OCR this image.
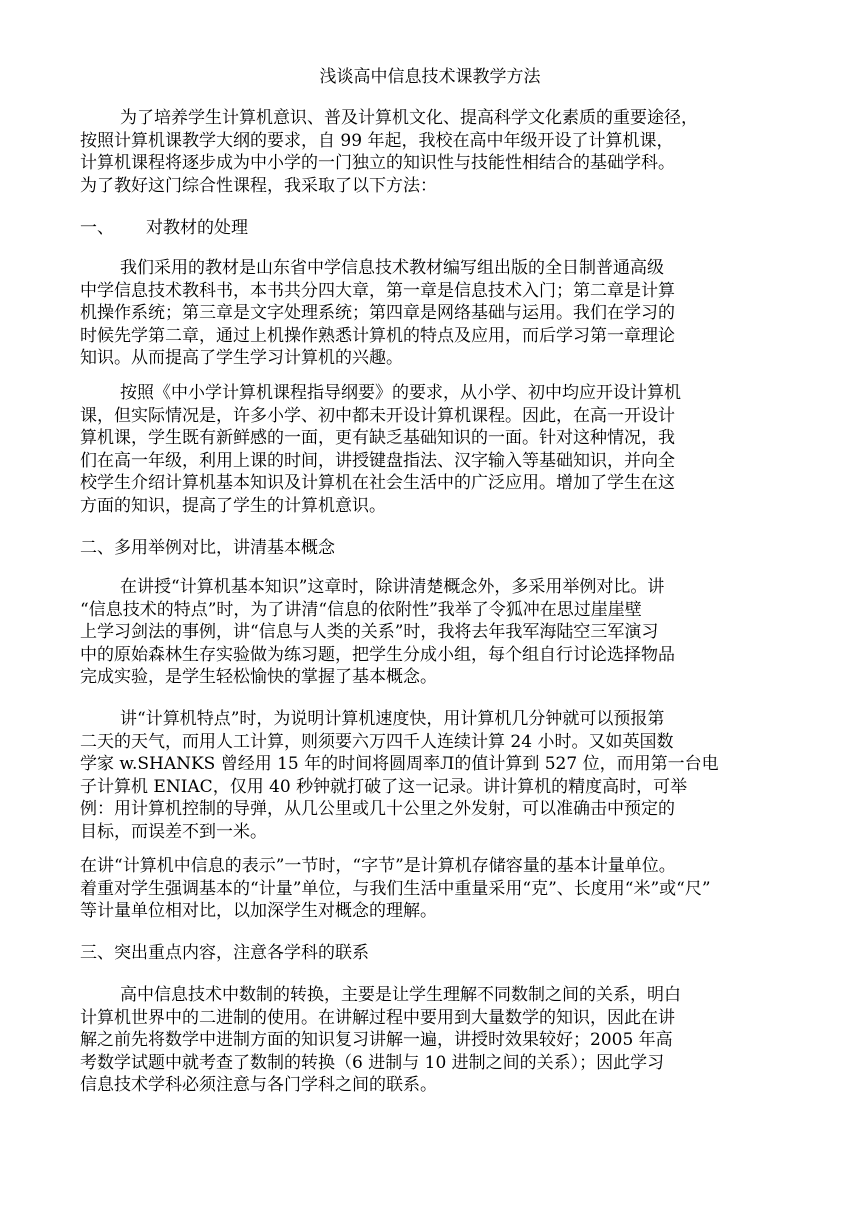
浅谈高中信息技术课教学方法
为了培养学生计算机意识、普及计算机文化、提高科学文化素质的重要途径，
按照计算机课教学大纲的要求，自 99 年起，我校在高中年级开设了计算机课，
计算机课程将逐步成为中小学的一门独立的知识性与技能性相结合的基础学科。
为了教好这门综合性课程，我采取了以下方法：
一、 对教材的处理
我们采用的教材是山东省中学信息技术教材编写组出版的全日制普通高级
中学信息技术教科书，本书共分四大章，第一章是信息技术入门；第二章是计算
机操作系统；第三章是文字处理系统；第四章是网络基础与运用。我们在学习的
时候先学第二章，通过上机操作熟悉计算机的特点及应用，而后学习第一章理论
知识。从而提高了学生学习计算机的兴趣。
按照《中小学计算机课程指导纲要》的要求，从小学、初中均应开设计算机
课，但实际情况是，许多小学、初中都未开设计算机课程。因此，在高一开设计
算机课，学生既有新鲜感的一面，更有缺乏基础知识的一面。针对这种情况，我
们在高一年级，利用上课的时间，讲授键盘指法、汉字输入等基础知识，并向全
校学生介绍计算机基本知识及计算机在社会生活中的广泛应用。增加了学生在这
方面的知识，提高了学生的计算机意识。
二、多用举例对比，讲清基本概念
在讲授“计算机基本知识”这章时，除讲清楚概念外，多采用举例对比。讲
“信息技术的特点”时，为了讲清“信息的依附性”我举了令狐冲在思过崖崖壁
上学习剑法的事例，讲“信息与人类的关系”时，我将去年我军海陆空三军演习
中的原始森林生存实验做为练习题，把学生分成小组，每个组自行讨论选择物品
完成实验，是学生轻松愉快的掌握了基本概念。
讲“计算机特点”时，为说明计算机速度快，用计算机几分钟就可以预报第
二天的天气，而用人工计算，则须要六万四千人连续计算 24 小时。又如英国数
学家 w.SHANKS 曾经用 15 年的时间将圆周率Л的值计算到 527 位，而用第一台电
子计算机 ENIAC，仅用 40 秒钟就打破了这一记录。讲计算机的精度高时，可举
例：用计算机控制的导弹，从几公里或几十公里之外发射，可以准确击中预定的
目标，而误差不到一米。
在讲“计算机中信息的表示”一节时，“字节”是计算机存储容量的基本计量单位。
着重对学生强调基本的“计量”单位，与我们生活中重量采用“克”、长度用“米”或“尺”
等计量单位相对比，以加深学生对概念的理解。
三、突出重点内容，注意各学科的联系
高中信息技术中数制的转换，主要是让学生理解不同数制之间的关系，明白
计算机世界中的二进制的使用。在讲解过程中要用到大量数学的知识，因此在讲
解之前先将数学中进制方面的知识复习讲解一遍，讲授时效果较好；2005 年高
考数学试题中就考查了数制的转换（6 进制与 10 进制之间的关系）；因此学习
信息技术学科必须注意与各门学科之间的联系。
